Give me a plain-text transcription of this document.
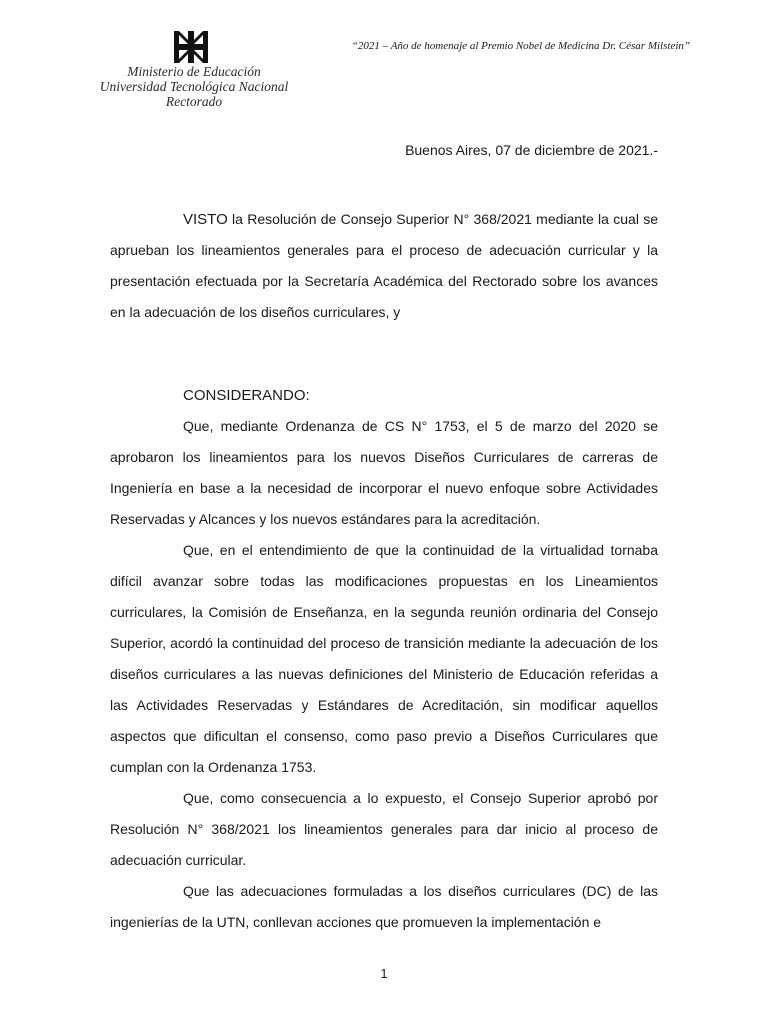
Ministerio de Educación
Universidad Tecnológica Nacional
Rectorado
“2021 – Año de homenaje al Premio Nobel de Medicina Dr. César Milstein”
Buenos Aires, 07 de diciembre de 2021.-

VISTO la Resolución de Consejo Superior N° 368/2021 mediante la cual se aprueban los lineamientos generales para el proceso de adecuación curricular y la presentación efectuada por la Secretaría Académica del Rectorado sobre los avances en la adecuación de los diseños curriculares, y

CONSIDERANDO:

Que, mediante Ordenanza de CS N° 1753, el 5 de marzo del 2020 se aprobaron los lineamientos para los nuevos Diseños Curriculares de carreras de Ingeniería en base a la necesidad de incorporar el nuevo enfoque sobre Actividades Reservadas y Alcances y los nuevos estándares para la acreditación.

Que, en el entendimiento de que la continuidad de la virtualidad tornaba difícil avanzar sobre todas las modificaciones propuestas en los Lineamientos curriculares, la Comisión de Enseñanza, en la segunda reunión ordinaria del Consejo Superior, acordó la continuidad del proceso de transición mediante la adecuación de los diseños curriculares a las nuevas definiciones del Ministerio de Educación referidas a las Actividades Reservadas y Estándares de Acreditación, sin modificar aquellos aspectos que dificultan el consenso, como paso previo a Diseños Curriculares que cumplan con la Ordenanza 1753.

Que, como consecuencia a lo expuesto, el Consejo Superior aprobó por Resolución N° 368/2021 los lineamientos generales para dar inicio al proceso de adecuación curricular.

Que las adecuaciones formuladas a los diseños curriculares (DC) de las ingenierías de la UTN, conllevan acciones que promueven la implementación e

1
